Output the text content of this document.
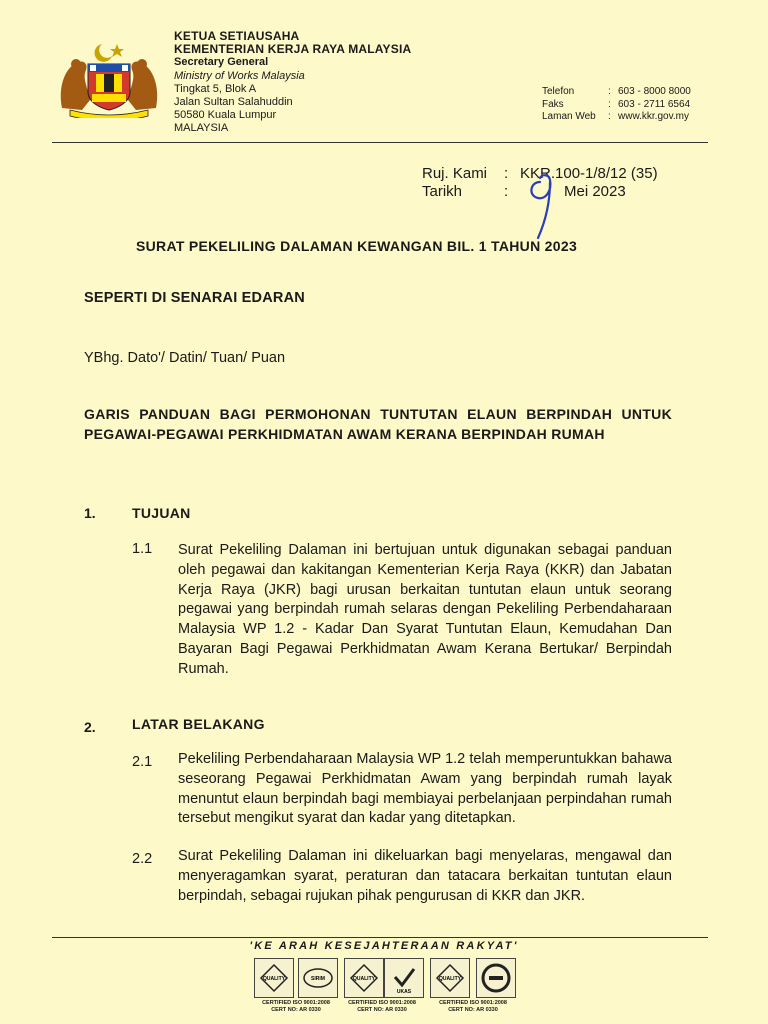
KETUA SETIAUSAHA
KEMENTERIAN KERJA RAYA MALAYSIA
Secretary General
Ministry of Works Malaysia
Tingkat 5, Blok A
Jalan Sultan Salahuddin
50580 Kuala Lumpur
MALAYSIA
Telefon	: 603 - 8000 8000
Faks	: 603 - 2711 6564
Laman Web	: www.kkr.gov.my
Ruj. Kami	: KKR.100-1/8/12 (35)
Tarikh	:	Mei 2023
SURAT PEKELILING DALAMAN KEWANGAN BIL. 1 TAHUN 2023
SEPERTI DI SENARAI EDARAN
YBhg. Dato'/ Datin/ Tuan/ Puan
GARIS PANDUAN BAGI PERMOHONAN TUNTUTAN ELAUN BERPINDAH UNTUK PEGAWAI-PEGAWAI PERKHIDMATAN AWAM KERANA BERPINDAH RUMAH
1.	TUJUAN
1.1 Surat Pekeliling Dalaman ini bertujuan untuk digunakan sebagai panduan oleh pegawai dan kakitangan Kementerian Kerja Raya (KKR) dan Jabatan Kerja Raya (JKR) bagi urusan berkaitan tuntutan elaun untuk seorang pegawai yang berpindah rumah selaras dengan Pekeliling Perbendaharaan Malaysia WP 1.2 - Kadar Dan Syarat Tuntutan Elaun, Kemudahan Dan Bayaran Bagi Pegawai Perkhidmatan Awam Kerana Bertukar/ Berpindah Rumah.
2.	LATAR BELAKANG
2.1 Pekeliling Perbendaharaan Malaysia WP 1.2 telah memperuntukkan bahawa seseorang Pegawai Perkhidmatan Awam yang berpindah rumah layak menuntut elaun berpindah bagi membiayai perbelanjaan perpindahan rumah tersebut mengikut syarat dan kadar yang ditetapkan.
2.2 Surat Pekeliling Dalaman ini dikeluarkan bagi menyelaras, mengawal dan menyeragamkan syarat, peraturan dan tatacara berkaitan tuntutan elaun berpindah, sebagai rujukan pihak pengurusan di KKR dan JKR.
'KE ARAH KESEJAHTERAAN RAKYAT'
QUALITY	SIRIM
CERTIFIED ISO 9001:2008
CERT NO: AR 0330
QUALITY
UKAS
CERTIFIED ISO 9001:2008
CERT NO: AR 0330
QUALITY
CERTIFIED ISO 9001:2008
CERT NO: AR 0330
